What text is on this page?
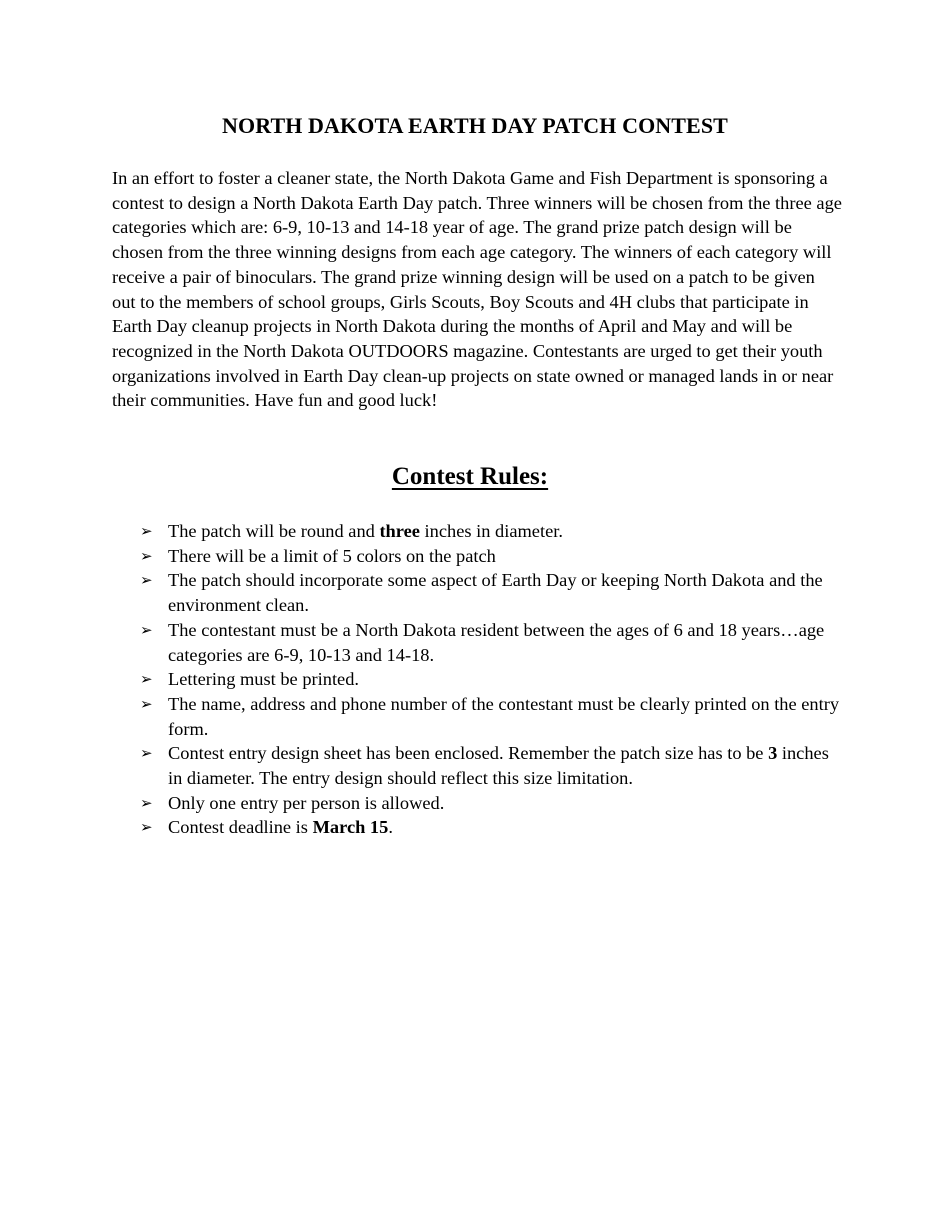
NORTH DAKOTA EARTH DAY PATCH CONTEST

In an effort to foster a cleaner state, the North Dakota Game and Fish Department is sponsoring a contest to design a North Dakota Earth Day patch. Three winners will be chosen from the three age categories which are: 6-9, 10-13 and 14-18 year of age. The grand prize patch design will be chosen from the three winning designs from each age category. The winners of each category will receive a pair of binoculars. The grand prize winning design will be used on a patch to be given out to the members of school groups, Girls Scouts, Boy Scouts and 4H clubs that participate in Earth Day cleanup projects in North Dakota during the months of April and May and will be recognized in the North Dakota OUTDOORS magazine. Contestants are urged to get their youth organizations involved in Earth Day clean-up projects on state owned or managed lands in or near their communities. Have fun and good luck!

Contest Rules:
➢ The patch will be round and three inches in diameter.
➢ There will be a limit of 5 colors on the patch
➢ The patch should incorporate some aspect of Earth Day or keeping North Dakota and the environment clean.
➢ The contestant must be a North Dakota resident between the ages of 6 and 18 years…age categories are 6-9, 10-13 and 14-18.
➢ Lettering must be printed.
➢ The name, address and phone number of the contestant must be clearly printed on the entry form.
➢ Contest entry design sheet has been enclosed. Remember the patch size has to be 3 inches in diameter. The entry design should reflect this size limitation.
➢ Only one entry per person is allowed.
➢ Contest deadline is March 15.
